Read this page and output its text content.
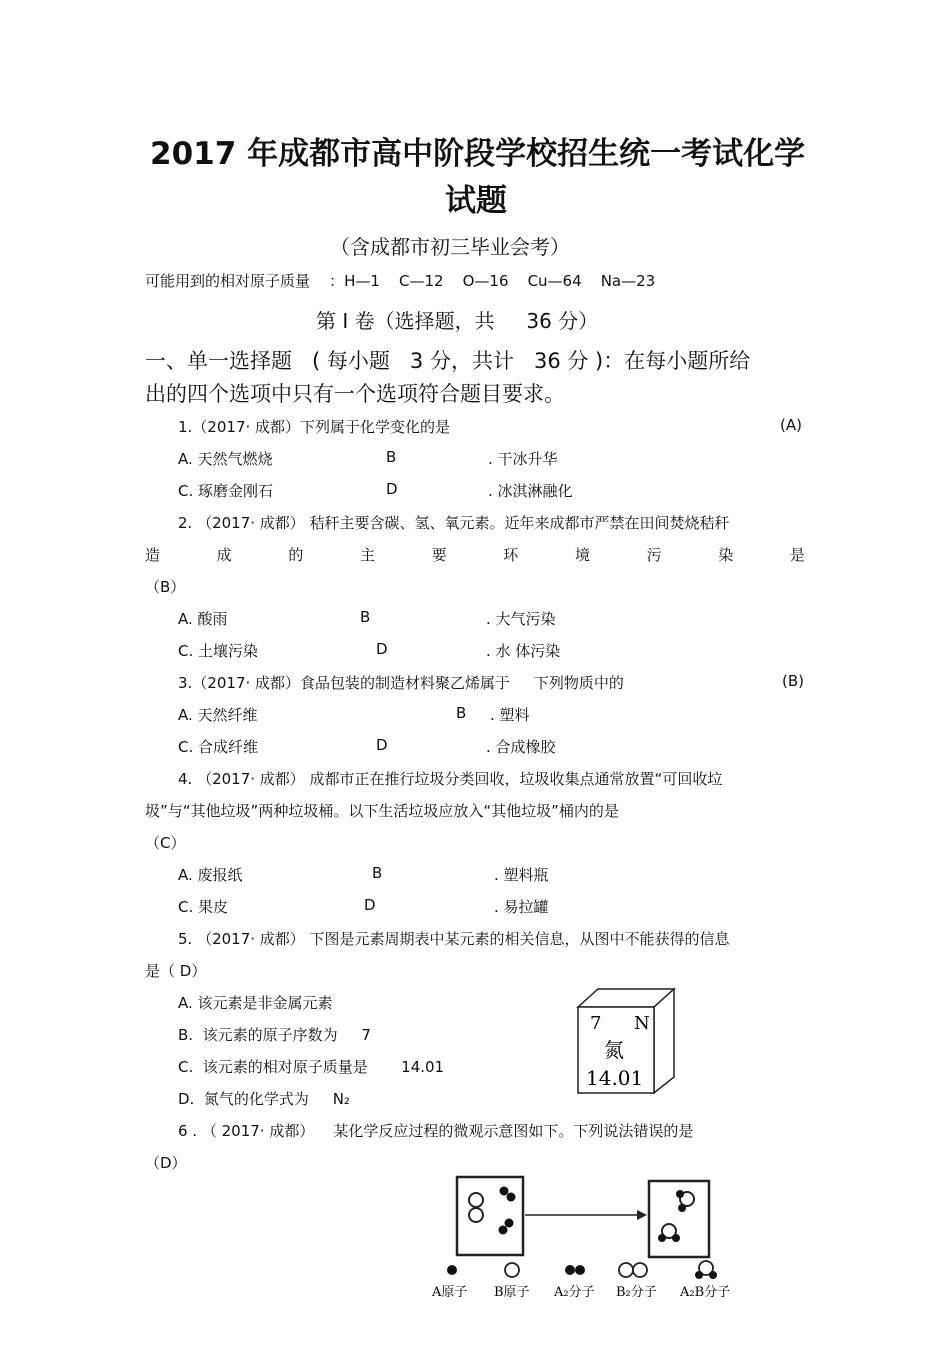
2017 年成都市高中阶段学校招生统一考试化学
试题
（含成都市初三毕业会考）
可能用到的相对原子质量    ：H—1    C—12    O—16    Cu—64    Na—23
第 I 卷（选择题，共     36 分）
一、单一选择题   ( 每小题   3 分，共计   36 分 )：在每小题所给
出的四个选项中只有一个选项符合题目要求。
1.（2017· 成都）下列属于化学变化的是	(A)
A. 天然气燃烧	B	. 干冰升华
C. 琢磨金刚石	D	. 冰淇淋融化
2. （2017· 成都） 秸秆主要含碳、氢、氧元素。近年来成都市严禁在田间焚烧秸秆
造	成	的	主	要	环	境	污	染	是
（B）
A. 酸雨	B	. 大气污染
C. 土壤污染	D	. 水 体污染
3.（2017· 成都）食品包装的制造材料聚乙烯属于     下列物质中的	(B)
A. 天然纤维	B . 塑料
C. 合成纤维	D	. 合成橡胶
4. （2017· 成都） 成都市正在推行垃圾分类回收，垃圾收集点通常放置“可回收垃
圾”与“其他垃圾”两种垃圾桶。以下生活垃圾应放入“其他垃圾”桶内的是
（C）
A. 废报纸	B	. 塑料瓶
C. 果皮	D	. 易拉罐
5. （2017· 成都） 下图是元素周期表中某元素的相关信息，从图中不能获得的信息
是（ D）
A. 该元素是非金属元素
B.  该元素的原子序数为     7
C.  该元素的相对原子质量是       14.01
D.  氮气的化学式为     N₂
7 N
氮
14.01
6 . （ 2017· 成都）    某化学反应过程的微观示意图如下。下列说法错误的是
（D）
A原子 B原子 A₂分子 B₂分子 A₂B分子
